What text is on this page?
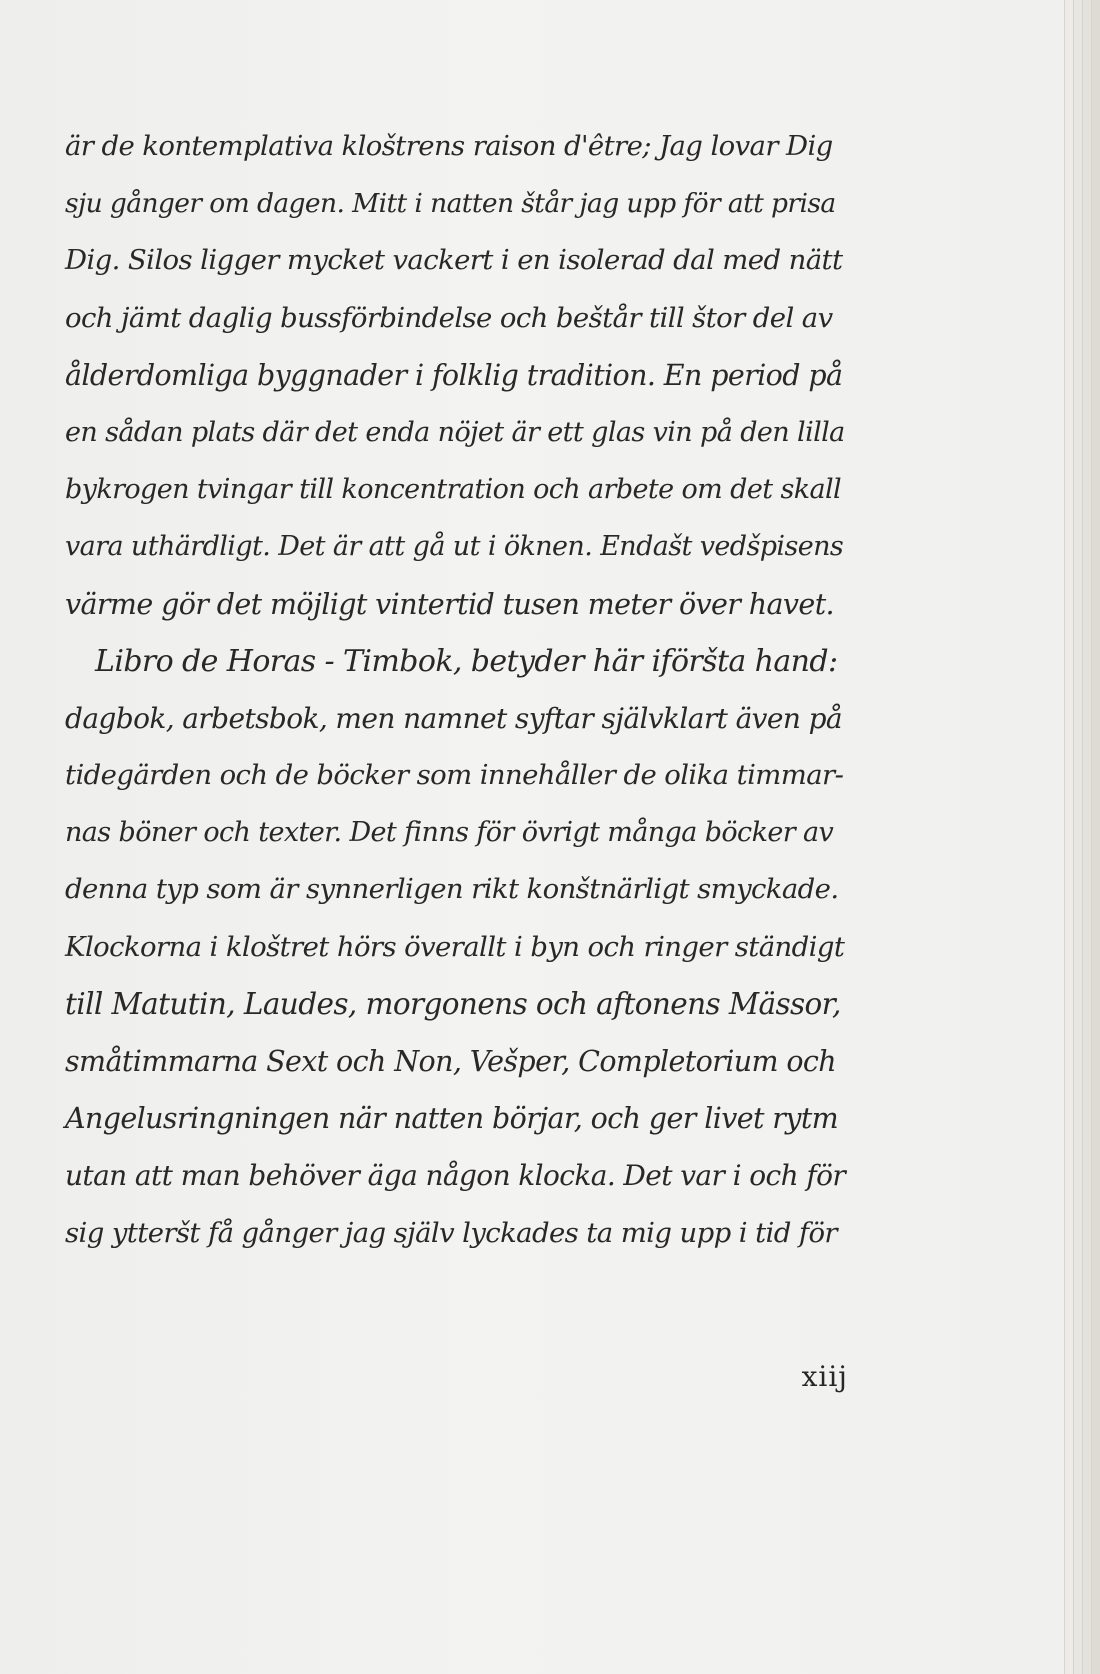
är de kontemplativa kloštrens raison d'être; Jag lovar Dig
sju gånger om dagen. Mitt i natten štår jag upp för att prisa
Dig. Silos ligger mycket vackert i en isolerad dal med nätt
och jämt daglig bussförbindelse och beštår till štor del av
ålderdomliga byggnader i folklig tradition. En period på
en sådan plats där det enda nöjet är ett glas vin på den lilla
bykrogen tvingar till koncentration och arbete om det skall
vara uthärdligt. Det är att gå ut i öknen. Endašt vedšpisens
värme gör det möjligt vintertid tusen meter över havet.
Libro de Horas - Timbok, betyder här iföršta hand:
dagbok, arbetsbok, men namnet syftar självklart även på
tidegärden och de böcker som innehåller de olika timmar-
nas böner och texter. Det finns för övrigt många böcker av
denna typ som är synnerligen rikt konštnärligt smyckade.
Klockorna i kloštret hörs överallt i byn och ringer ständigt
till Matutin, Laudes, morgonens och aftonens Mässor,
småtimmarna Sext och Non, Vešper, Completorium och
Angelusringningen när natten börjar, och ger livet rytm
utan att man behöver äga någon klocka. Det var i och för
sig ytteršt få gånger jag själv lyckades ta mig upp i tid för
xiij
